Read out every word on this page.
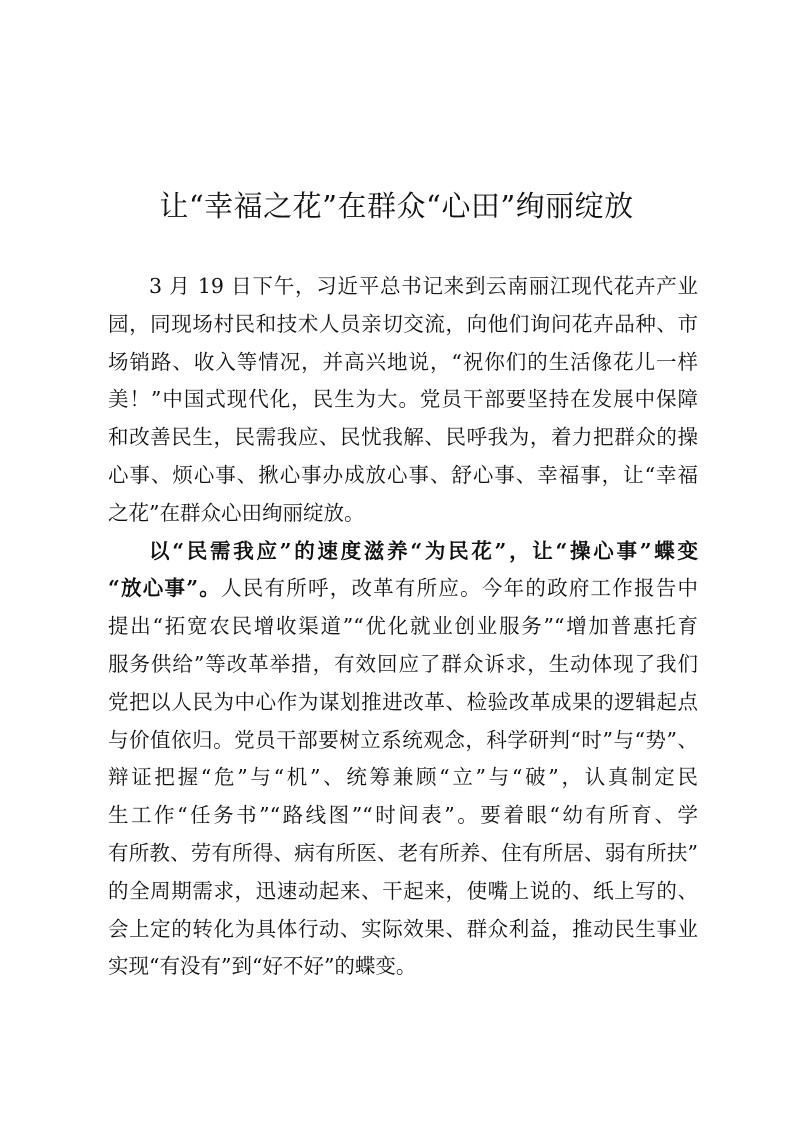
让“幸福之花”在群众“心田”绚丽绽放
3 月 19 日下午，习近平总书记来到云南丽江现代花卉产业
园，同现场村民和技术人员亲切交流，向他们询问花卉品种、市
场销路、收入等情况，并高兴地说，“祝你们的生活像花儿一样
美！”中国式现代化，民生为大。党员干部要坚持在发展中保障
和改善民生，民需我应、民忧我解、民呼我为，着力把群众的操
心事、烦心事、揪心事办成放心事、舒心事、幸福事，让“幸福
之花”在群众心田绚丽绽放。
以“民需我应”的速度滋养“为民花”，让“操心事”蝶变
“放心事”。人民有所呼，改革有所应。今年的政府工作报告中
提出“拓宽农民增收渠道”“优化就业创业服务”“增加普惠托育
服务供给”等改革举措，有效回应了群众诉求，生动体现了我们
党把以人民为中心作为谋划推进改革、检验改革成果的逻辑起点
与价值依归。党员干部要树立系统观念，科学研判“时”与“势”、
辩证把握“危”与“机”、统筹兼顾“立”与“破”，认真制定民
生工作“任务书”“路线图”“时间表”。要着眼“幼有所育、学
有所教、劳有所得、病有所医、老有所养、住有所居、弱有所扶”
的全周期需求，迅速动起来、干起来，使嘴上说的、纸上写的、
会上定的转化为具体行动、实际效果、群众利益，推动民生事业
实现“有没有”到“好不好”的蝶变。
